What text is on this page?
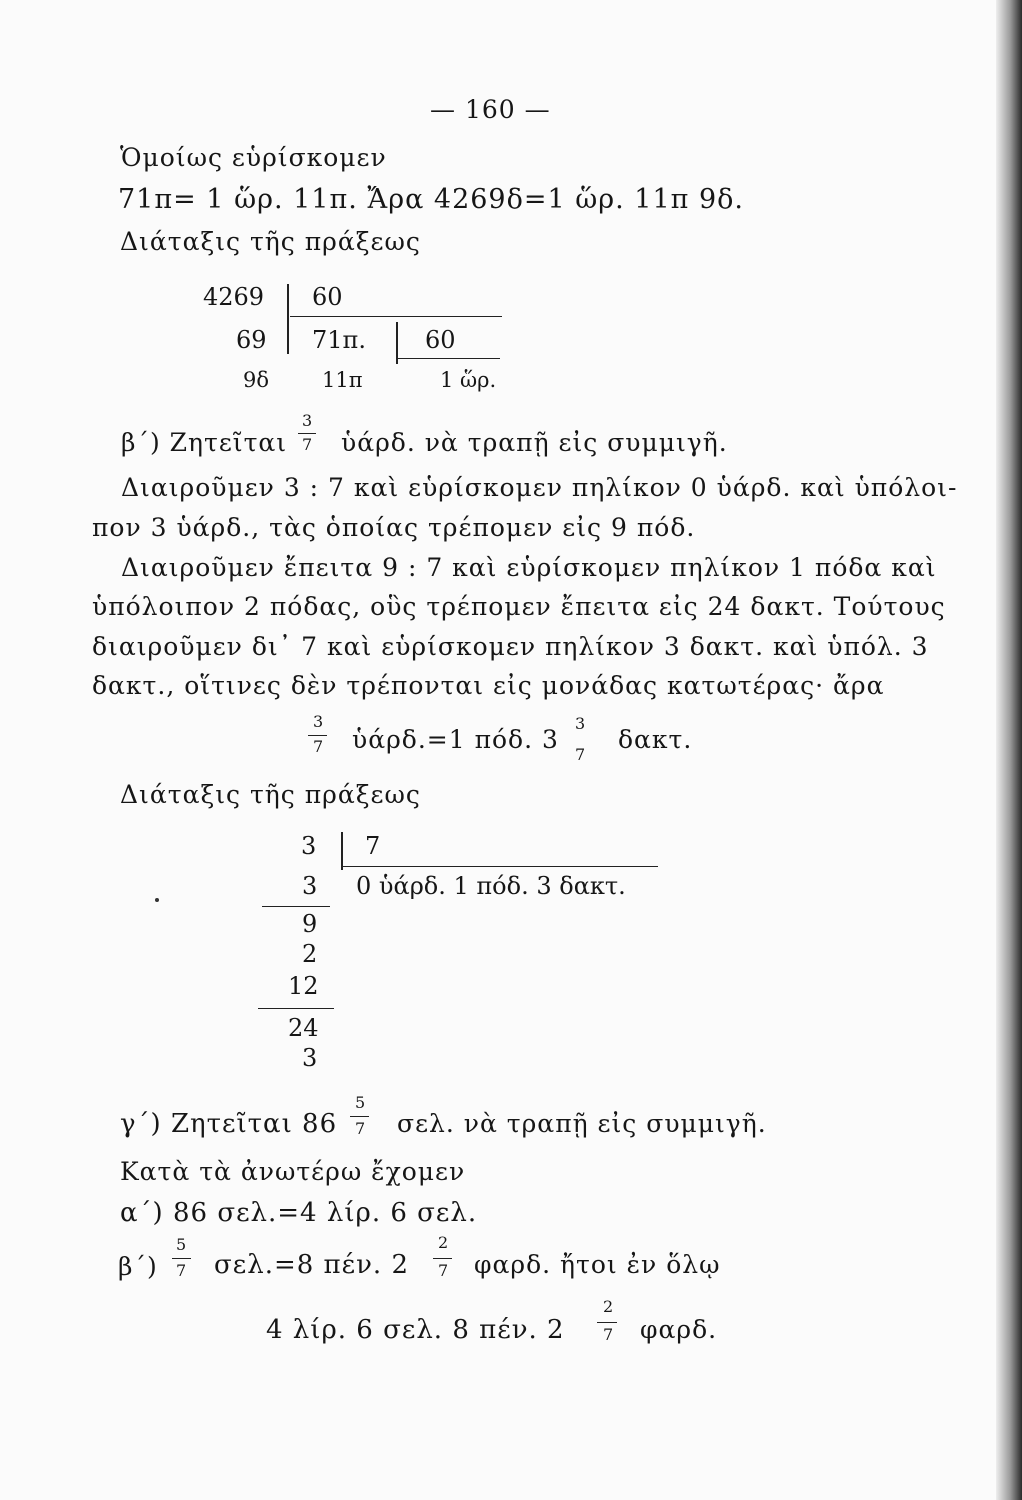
— 160 —
Ὁμοίως εὑρίσκομεν
71π= 1 ὥρ. 11π. Ἄρα 4269δ=1 ὥρ. 11π 9δ.
Διάταξις τῆς πράξεως
4269 60
69 71π. 60
9δ	11π	1 ὥρ.
β΄) Ζητεῖται
3
7 ὑάρδ. νὰ τραπῇ εἰς συμμιγῆ.
Διαιροῦμεν 3 : 7 καὶ εὑρίσκομεν πηλίκον 0 ὑάρδ. καὶ ὑπόλοι-
πον 3 ὑάρδ., τὰς ὁποίας τρέπομεν εἰς 9 πόδ.
Διαιροῦμεν ἔπειτα 9 : 7 καὶ εὑρίσκομεν πηλίκον 1 πόδα καὶ
ὑπόλοιπον 2 πόδας, οὓς τρέπομεν ἔπειτα εἰς 24 δακτ. Τούτους
διαιροῦμεν δι᾽ 7 καὶ εὑρίσκομεν πηλίκον 3 δακτ. καὶ ὑπόλ. 3
δακτ., οἵτινες δὲν τρέπονται εἰς μονάδας κατωτέρας· ἄρα
3
7 ὑάρδ.=1 πόδ. 3
3
7
δακτ.
Διάταξις τῆς πράξεως
3 7
3 0 ὑάρδ. 1 πόδ. 3 δακτ.
9
2
12
24
3
γ΄) Ζητεῖται 86
5
7 σελ. νὰ τραπῇ εἰς συμμιγῆ.
Κατὰ τὰ ἀνωτέρω ἔχομεν
α΄) 86 σελ.=4 λίρ. 6 σελ.
β΄)
5
7 σελ.=8 πέν. 2
2
7 φαρδ. ἤτοι ἐν ὅλῳ
4 λίρ. 6 σελ. 8 πέν. 2
2
7 φαρδ.
